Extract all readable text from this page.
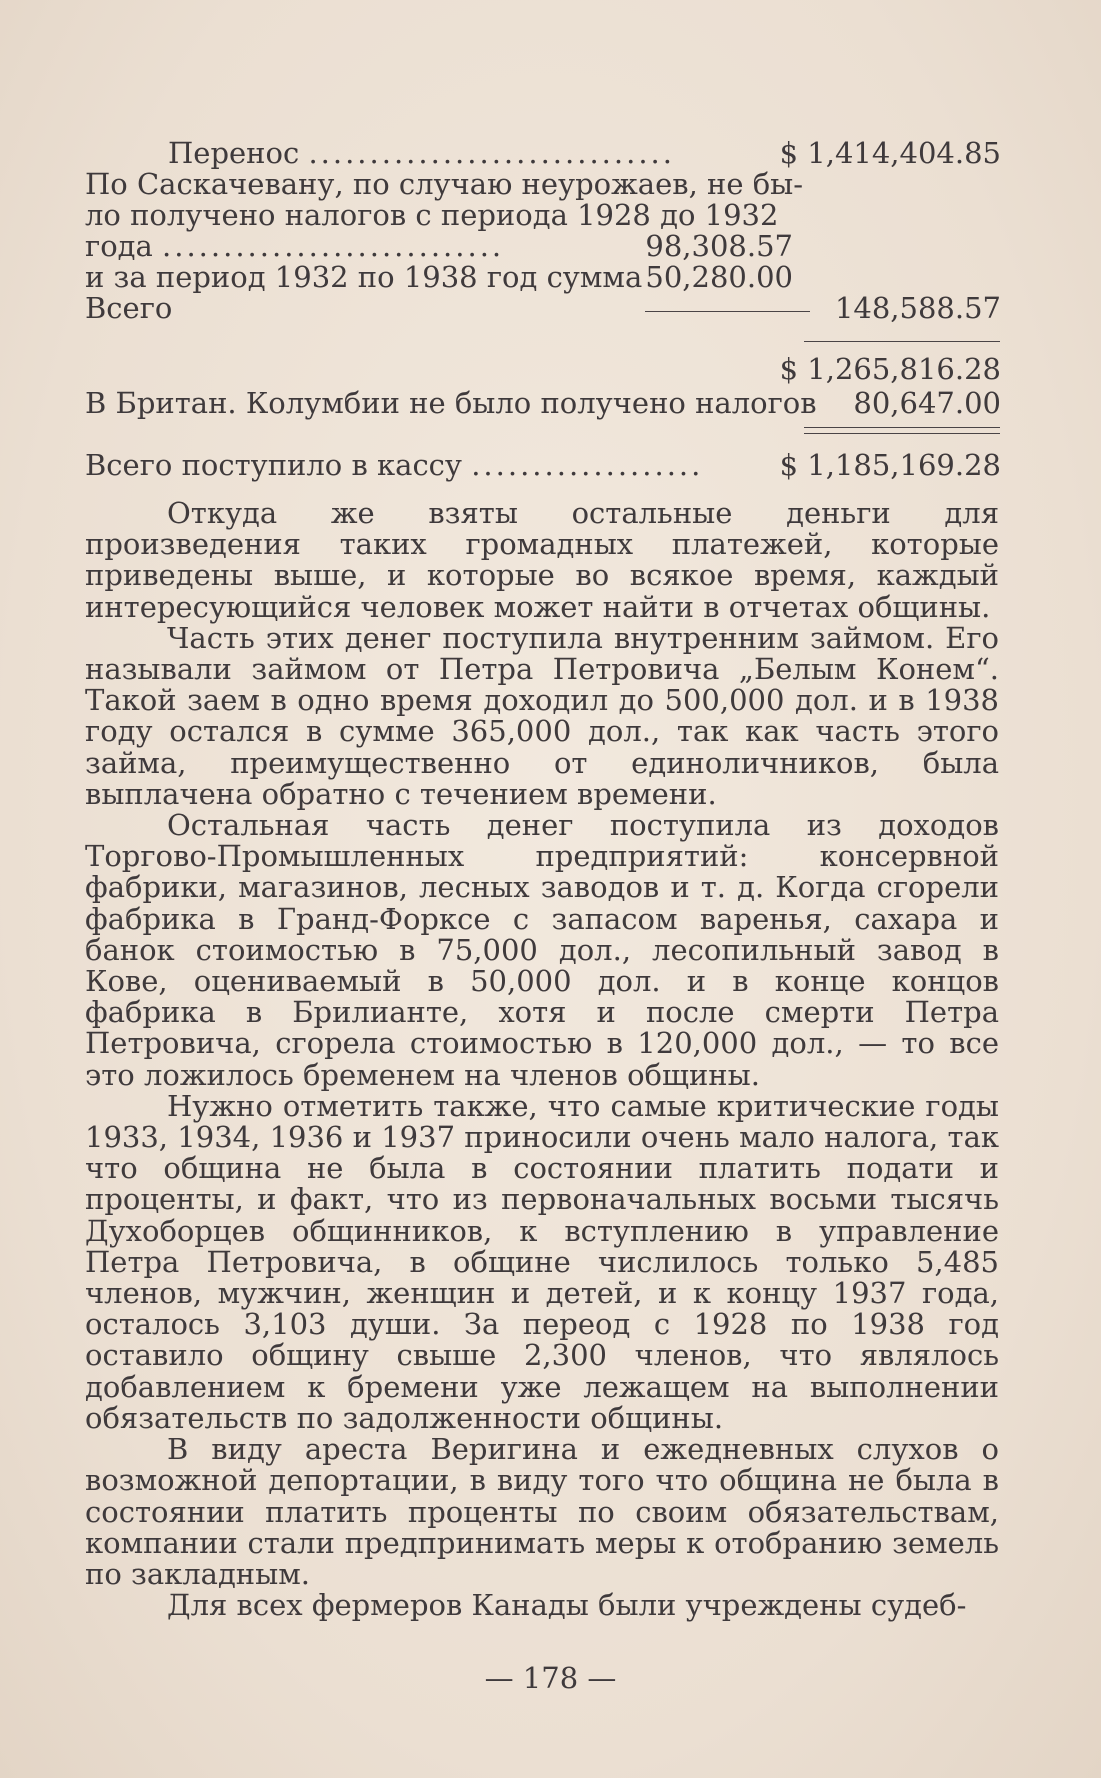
Перенос ..............................	$ 1,414,404.85
По Саскачевану, по случаю неурожаев, не бы-
ло получено налогов с периода 1928 до 1932
года ............................	98,308.57
и за период 1932 по 1938 год сумма 50,280.00
Всего	148,588.57
$ 1,265,816.28
В Британ. Колумбии не было получено налогов 80,647.00
Всего поступило в кассу ...................	$ 1,185,169.28

Откуда же взяты остальные деньги для произведения таких громадных платежей, которые приведены выше, и которые во всякое время, каждый интересующийся человек может найти в отчетах общины.

Часть этих денег поступила внутренним займом. Его называли займом от Петра Петровича „Белым Конем“. Такой заем в одно время доходил до 500,000 дол. и в 1938 году остался в сумме 365,000 дол., так как часть этого займа, преимущественно от единоличников, была выплачена обратно с течением времени.

Остальная часть денег поступила из доходов Торгово-Промышленных предприятий: консервной фабрики, магазинов, лесных заводов и т. д. Когда сгорели фабрика в Гранд-Форксе с запасом варенья, сахара и банок стоимостью в 75,000 дол., лесопильный завод в Кове, оцениваемый в 50,000 дол. и в конце концов фабрика в Брилианте, хотя и после смерти Петра Петровича, сгорела стоимостью в 120,000 дол., — то все это ложилось бременем на членов общины.

Нужно отметить также, что самые критические годы 1933, 1934, 1936 и 1937 приносили очень мало налога, так что община не была в состоянии платить подати и проценты, и факт, что из первоначальных восьми тысячь Духоборцев общинников, к вступлению в управление Петра Петровича, в общине числилось только 5,485 членов, мужчин, женщин и детей, и к концу 1937 года, осталось 3,103 души. За переод с 1928 по 1938 год оставило общину свыше 2,300 членов, что являлось добавлением к бремени уже лежащем на выполнении обязательств по задолженности общины.

В виду ареста Веригина и ежедневных слухов о возможной депортации, в виду того что община не была в состоянии платить проценты по своим обязательствам, компании стали предпринимать меры к отобранию земель по закладным.

Для всех фермеров Канады были учреждены судеб-

— 178 —
